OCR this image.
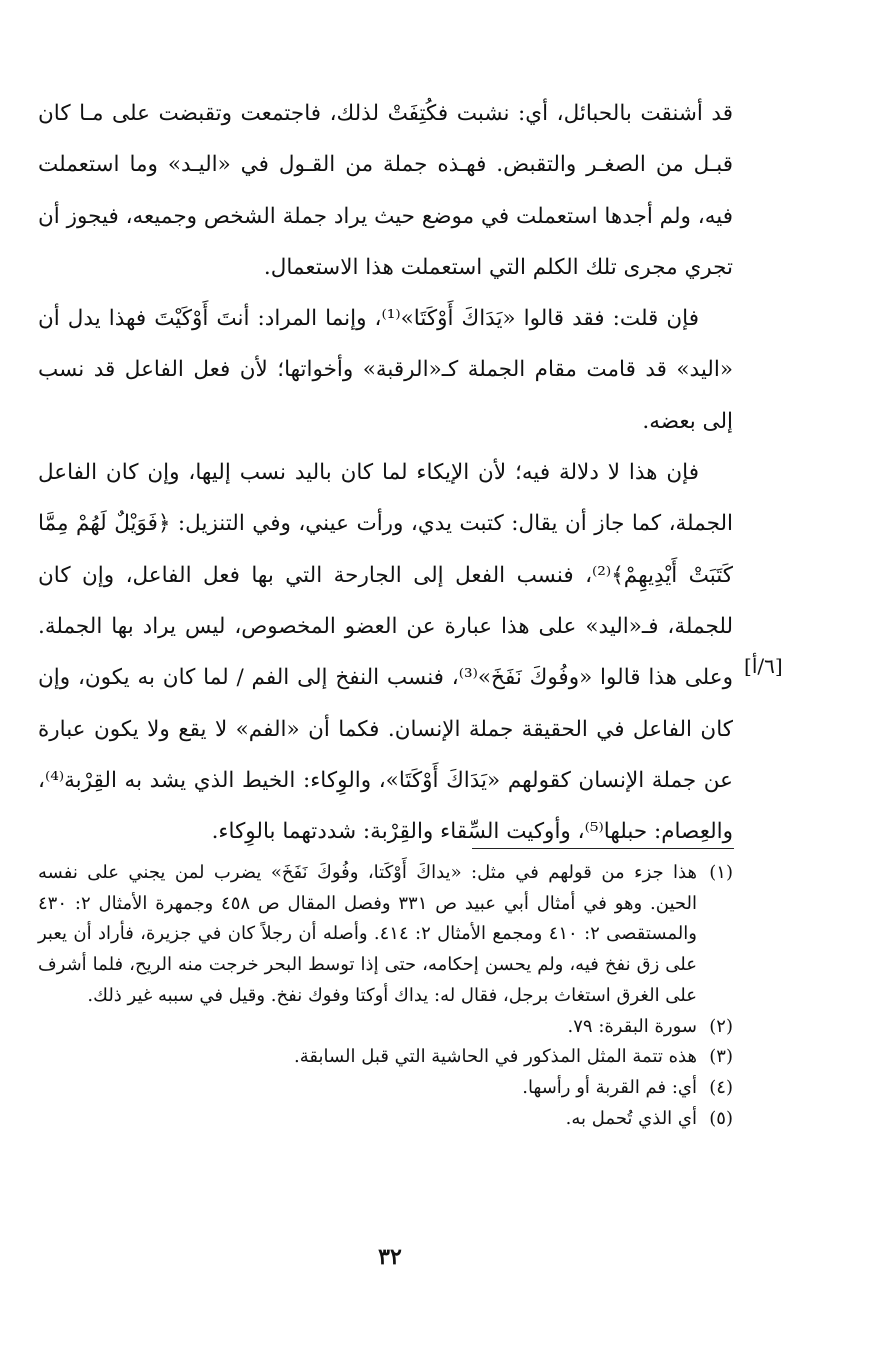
قد أشنقت بالحبائل، أي: نشبت فكُتِفَتْ لذلك، فاجتمعت وتقبضت على مـا كان قبـل من الصغـر والتقبض. فهـذه جملة من القـول في «اليـد» وما استعملت فيه، ولم أجدها استعملت في موضع حيث يراد جملة الشخص وجميعه، فيجوز أن تجري مجرى تلك الكلم التي استعملت هذا الاستعمال.

فإن قلت: فقد قالوا «يَدَاكَ أَوْكَتَا»⁽¹⁾، وإنما المراد: أنتَ أَوْكَيْتَ فهذا يدل أن «اليد» قد قامت مقام الجملة كـ«الرقبة» وأخواتها؛ لأن فعل الفاعل قد نسب إلى بعضه.

فإن هذا لا دلالة فيه؛ لأن الإيكاء لما كان باليد نسب إليها، وإن كان الفاعل الجملة، كما جاز أن يقال: كتبت يدي، ورأت عيني، وفي التنزيل: ﴿فَوَيْلٌ لَهُمْ مِمَّا كَتَبَتْ أَيْدِيهِمْ﴾⁽²⁾، فنسب الفعل إلى الجارحة التي بها فعل الفاعل، وإن كان للجملة، فـ«اليد» على هذا عبارة عن العضو المخصوص، ليس يراد بها الجملة. وعلى هذا قالوا «وفُوكَ نَفَخَ»⁽³⁾، فنسب النفخ إلى الفم / لما كان به يكون، وإن كان الفاعل في الحقيقة جملة الإنسان. فكما أن «الفم» لا يقع ولا يكون عبارة عن جملة الإنسان كقولهم «يَدَاكَ أَوْكَتَا»، والوِكاء: الخيط الذي يشد به القِرْبة⁽⁴⁾، والعِصام: حبلها⁽⁵⁾، وأوكيت السِّقاء والقِرْبة: شددتهما بالوِكاء.

[٦/أ]
(١)
هذا جزء من قولهم في مثل: «يداكَ أَوْكَتا، وفُوكَ نَفَخَ» يضرب لمن يجني على نفسه الحين. وهو في أمثال أبي عبيد ص ٣٣١ وفصل المقال ص ٤٥٨ وجمهرة الأمثال ٢: ٤٣٠ والمستقصى ٢: ٤١٠ ومجمع الأمثال ٢: ٤١٤. وأصله أن رجلاً كان في جزيرة، فأراد أن يعبر على زق نفخ فيه، ولم يحسن إحكامه، حتى إذا توسط البحر خرجت منه الريح، فلما أشرف على الغرق استغاث برجل، فقال له: يداك أوكتا وفوك نفخ. وقيل في سببه غير ذلك.
(٢)
سورة البقرة: ٧٩.
(٣)
هذه تتمة المثل المذكور في الحاشية التي قبل السابقة.
(٤)
أي: فم القربة أو رأسها.
(٥)
أي الذي تُحمل به.
٣٢
